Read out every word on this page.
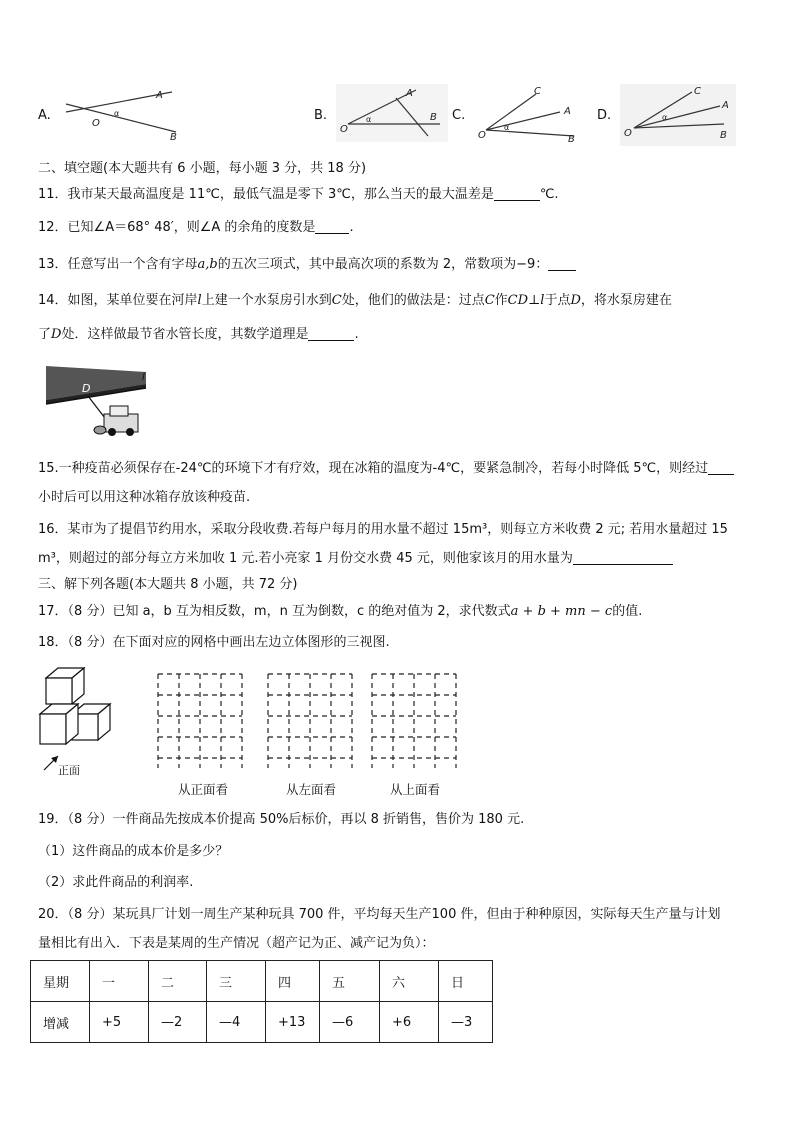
A.
A
B
O
α	B.
A
B
O
α	C.
C
A
B
O
α
D.
C
A
B
O
α
二、填空题(本大题共有 6 小题，每小题 3 分，共 18 分)
11．我市某天最高温度是 11℃，最低气温是零下 3℃，那么当天的最大温差是	℃.
12．已知∠A＝68° 48′，则∠A 的余角的度数是	.
13．任意写出一个含有字母a,b的五次三项式，其中最高次项的系数为 2，常数项为−9：
14．如图，某单位要在河岸l上建一个水泵房引水到C处，他们的做法是：过点C作CD⊥l于点D，将水泵房建在
了D处．这样做最节省水管长度，其数学道理是	.
D
l
15.一种疫苗必须保存在-24℃的环境下才有疗效，现在冰箱的温度为-4℃，要紧急制冷，若每小时降低 5℃，则经过
小时后可以用这种冰箱存放该种疫苗.
16．某市为了提倡节约用水，采取分段收费.若每户每月的用水量不超过 15m³，则每立方米收费 2 元; 若用水量超过 15
m³，则超过的部分每立方米加收 1 元.若小亮家 1 月份交水费 45 元，则他家该月的用水量为
三、解下列各题(本大题共 8 小题，共 72 分)
17．（8 分）已知 a，b 互为相反数，m，n 互为倒数，c 的绝对值为 2，求代数式a + b + mn − c的值.
18．（8 分）在下面对应的网格中画出左边立体图形的三视图.
正面
从正面看	从左面看	从上面看
19．（8 分）一件商品先按成本价提高 50%后标价，再以 8 折销售，售价为 180 元.
（1）这件商品的成本价是多少？
（2）求此件商品的利润率.
20．（8 分）某玩具厂计划一周生产某种玩具 700 件，平均每天生产100 件，但由于种种原因，实际每天生产量与计划
量相比有出入．下表是某周的生产情况（超产记为正、减产记为负）：
星期	一	二	三	四	五	六	日
增减	+5	—2	—4	+13	—6	+6	—3
